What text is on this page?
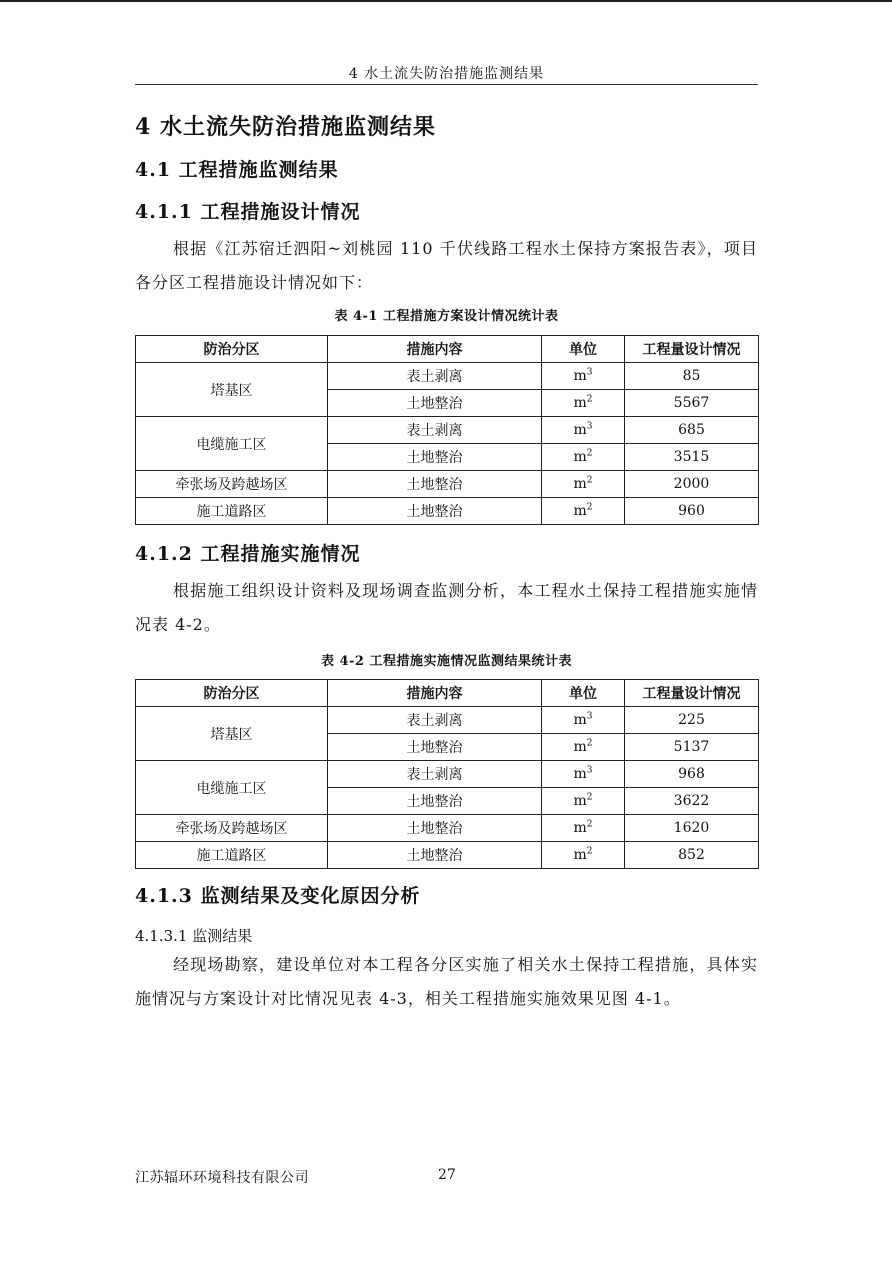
4 水土流失防治措施监测结果
4 水土流失防治措施监测结果
4.1 工程措施监测结果
4.1.1 工程措施设计情况
根据《江苏宿迁泗阳~刘桃园 110 千伏线路工程水土保持方案报告表》，项目各分区工程措施设计情况如下：
表 4-1 工程措施方案设计情况统计表
防治分区	措施内容	单位	工程量设计情况
塔基区	表土剥离	$m^3$	85
	土地整治	$m^2$	5567
电缆施工区	表土剥离	$m^3$	685
	土地整治	$m^2$	3515
牵张场及跨越场区	土地整治	$m^2$	2000
施工道路区	土地整治	$m^2$	960
4.1.2 工程措施实施情况
根据施工组织设计资料及现场调查监测分析，本工程水土保持工程措施实施情况表 4-2。
表 4-2 工程措施实施情况监测结果统计表
防治分区	措施内容	单位	工程量设计情况
塔基区	表土剥离	$m^3$	225
	土地整治	$m^2$	5137
电缆施工区	表土剥离	$m^3$	968
	土地整治	$m^2$	3622
牵张场及跨越场区	土地整治	$m^2$	1620
施工道路区	土地整治	$m^2$	852
4.1.3 监测结果及变化原因分析
4.1.3.1 监测结果
经现场勘察，建设单位对本工程各分区实施了相关水土保持工程措施，具体实施情况与方案设计对比情况见表 4-3，相关工程措施实施效果见图 4-1。
江苏辐环环境科技有限公司	27
